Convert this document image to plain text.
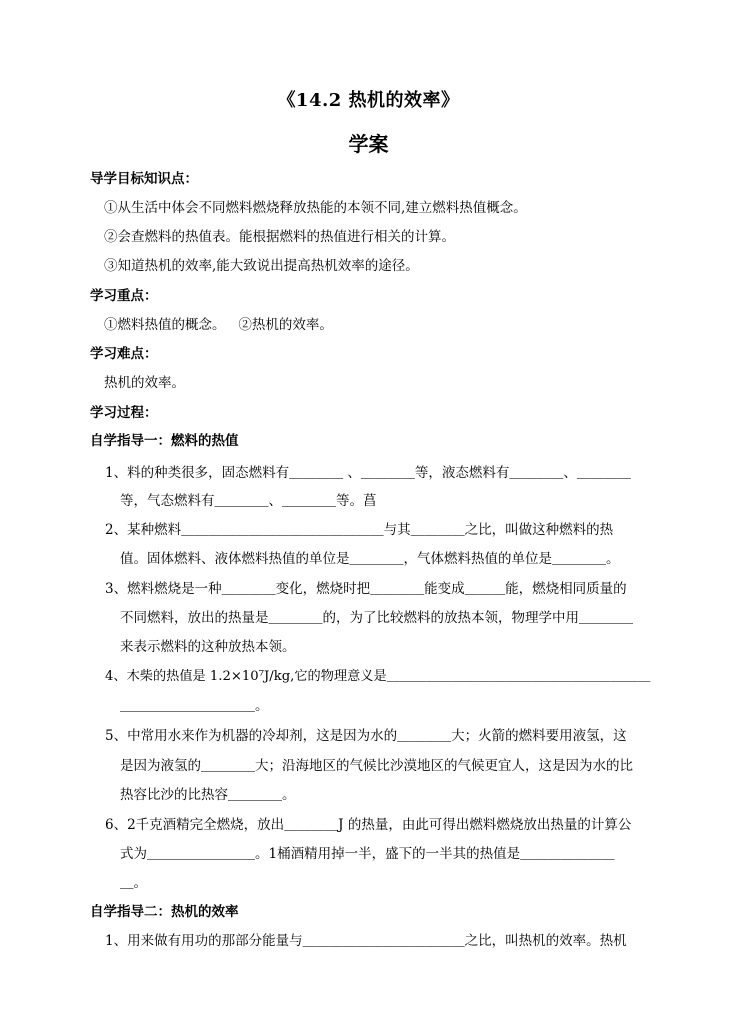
《14.2 热机的效率》
学案
导学目标知识点：
①从生活中体会不同燃料燃烧释放热能的本领不同,建立燃料热值概念。
②会查燃料的热值表。能根据燃料的热值进行相关的计算。
③知道热机的效率,能大致说出提高热机效率的途径。
学习重点：
①燃料热值的概念。   ②热机的效率。
学习难点：
热机的效率。
学习过程：
自学指导一：燃料的热值
1、料的种类很多，固态燃料有＿＿＿＿ 、＿＿＿＿等，液态燃料有＿＿＿＿、＿＿＿＿
等，气态燃料有＿＿＿＿、＿＿＿＿等。菖
2、某种燃料＿＿＿＿＿＿＿＿＿＿＿＿＿＿＿与其＿＿＿＿之比，叫做这种燃料的热
值。固体燃料、液体燃料热值的单位是＿＿＿＿，气体燃料热值的单位是＿＿＿＿。
3、燃料燃烧是一种＿＿＿＿变化，燃烧时把＿＿＿＿能变成＿＿＿能，燃烧相同质量的
不同燃料，放出的热量是＿＿＿＿的，为了比较燃料的放热本领，物理学中用＿＿＿＿
来表示燃料的这种放热本领。
4、木柴的热值是 1.2×10⁷J/kg,它的物理意义是＿＿＿＿＿＿＿＿＿＿＿＿＿＿＿＿＿＿＿＿
＿＿＿＿＿＿＿＿＿＿。
5、中常用水来作为机器的冷却剂，这是因为水的＿＿＿＿大；火箭的燃料要用液氢，这
是因为液氢的＿＿＿＿大；沿海地区的气候比沙漠地区的气候更宜人，这是因为水的比
热容比沙的比热容＿＿＿＿。
6、2千克酒精完全燃烧，放出＿＿＿＿J 的热量，由此可得出燃料燃烧放出热量的计算公
式为＿＿＿＿＿＿＿＿。1桶酒精用掉一半，盛下的一半其的热值是＿＿＿＿＿＿＿
＿。
自学指导二：热机的效率
1、用来做有用功的那部分能量与＿＿＿＿＿＿＿＿＿＿＿＿之比，叫热机的效率。热机
